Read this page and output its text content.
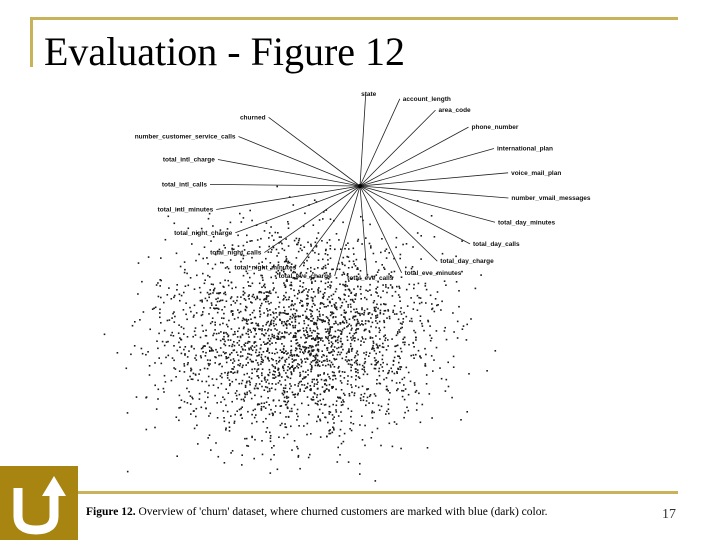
Evaluation - Figure 12
state
account_length
area_code
phone_number
international_plan
voice_mail_plan
number_vmail_messages
total_day_minutes
total_day_calls
total_day_charge
total_eve_minutes
total_eve_calls
total_eve_charge
total_night_minutes
total_night_calls
total_night_charge
total_intl_minutes
total_intl_calls
total_intl_charge
number_customer_service_calls
churned

Figure 12. Overview of 'churn' dataset, where churned customers are marked with blue (dark) color.	17
